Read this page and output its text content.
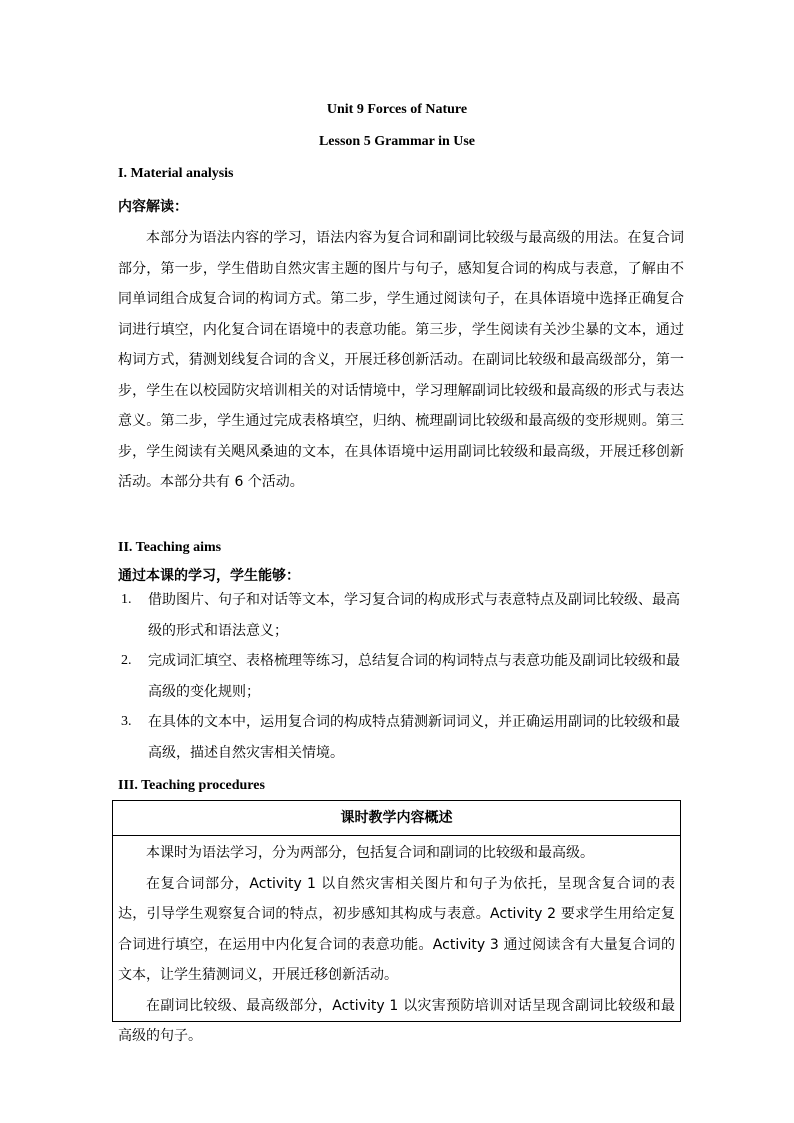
Unit 9 Forces of Nature
Lesson 5 Grammar in Use
I. Material analysis
内容解读：

本部分为语法内容的学习，语法内容为复合词和副词比较级与最高级的用法。在复合词部分，第一步，学生借助自然灾害主题的图片与句子，感知复合词的构成与表意，了解由不同单词组合成复合词的构词方式。第二步，学生通过阅读句子，在具体语境中选择正确复合词进行填空，内化复合词在语境中的表意功能。第三步，学生阅读有关沙尘暴的文本，通过构词方式，猜测划线复合词的含义，开展迁移创新活动。在副词比较级和最高级部分，第一步，学生在以校园防灾培训相关的对话情境中，学习理解副词比较级和最高级的形式与表达意义。第二步，学生通过完成表格填空，归纳、梳理副词比较级和最高级的变形规则。第三步，学生阅读有关飓风桑迪的文本，在具体语境中运用副词比较级和最高级，开展迁移创新活动。本部分共有 6 个活动。

II. Teaching aims
通过本课的学习，学生能够：
1. 借助图片、句子和对话等文本，学习复合词的构成形式与表意特点及副词比较级、最高级的形式和语法意义；
2. 完成词汇填空、表格梳理等练习，总结复合词的构词特点与表意功能及副词比较级和最高级的变化规则；
3. 在具体的文本中，运用复合词的构成特点猜测新词词义，并正确运用副词的比较级和最高级，描述自然灾害相关情境。
III. Teaching procedures
课时教学内容概述

本课时为语法学习，分为两部分，包括复合词和副词的比较级和最高级。

在复合词部分，Activity 1 以自然灾害相关图片和句子为依托，呈现含复合词的表达，引导学生观察复合词的特点，初步感知其构成与表意。Activity 2 要求学生用给定复合词进行填空，在运用中内化复合词的表意功能。Activity 3 通过阅读含有大量复合词的文本，让学生猜测词义，开展迁移创新活动。

在副词比较级、最高级部分，Activity 1 以灾害预防培训对话呈现含副词比较级和最高级的句子。
